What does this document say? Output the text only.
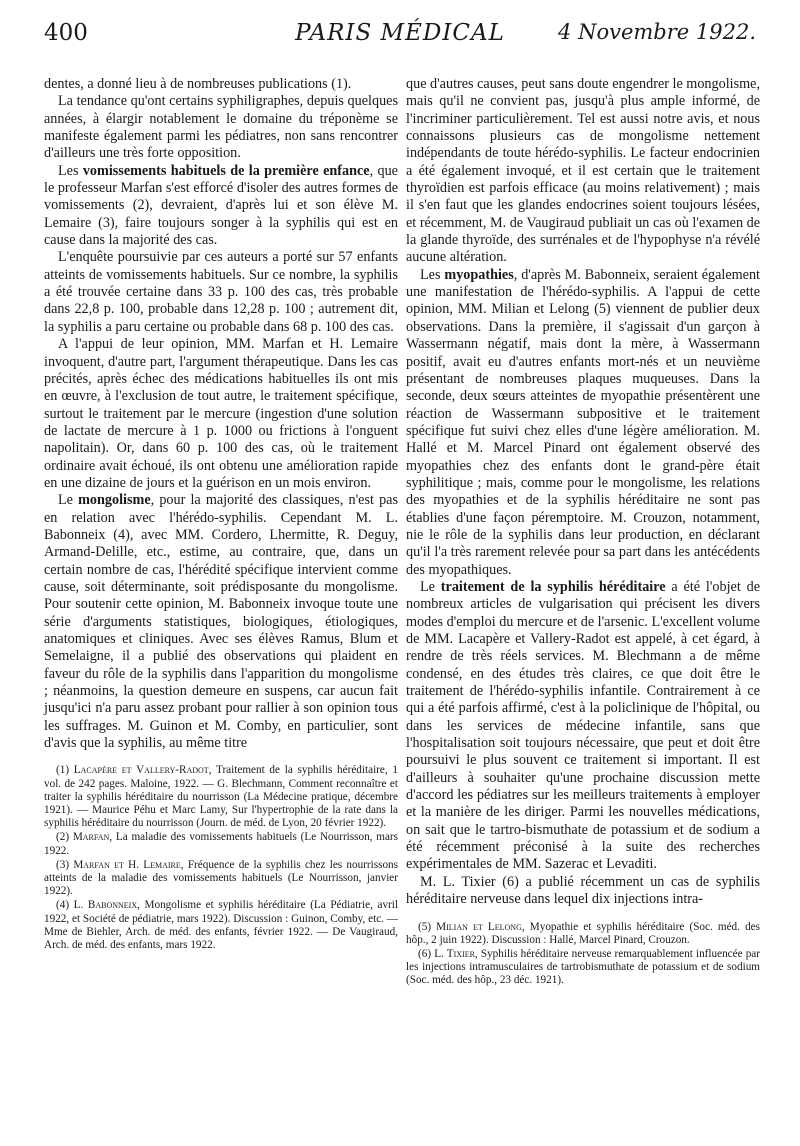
400	PARIS MÉDICAL	4 Novembre 1922.

dentes, a donné lieu à de nombreuses publications (1).

La tendance qu'ont certains syphiligraphes, depuis quelques années, à élargir notablement le domaine du tréponème se manifeste également parmi les pédiatres, non sans rencontrer d'ailleurs une très forte opposition.

Les vomissements habituels de la première enfance, que le professeur Marfan s'est efforcé d'isoler des autres formes de vomissements (2), devraient, d'après lui et son élève M. Lemaire (3), faire toujours songer à la syphilis qui est en cause dans la majorité des cas.

L'enquête poursuivie par ces auteurs a porté sur 57 enfants atteints de vomissements habituels. Sur ce nombre, la syphilis a été trouvée certaine dans 33 p. 100 des cas, très probable dans 22,8 p. 100, probable dans 12,28 p. 100 ; autrement dit, la syphilis a paru certaine ou probable dans 68 p. 100 des cas.

A l'appui de leur opinion, MM. Marfan et H. Lemaire invoquent, d'autre part, l'argument thérapeutique. Dans les cas précités, après échec des médications habituelles ils ont mis en œuvre, à l'exclusion de tout autre, le traitement spécifique, surtout le traitement par le mercure (ingestion d'une solution de lactate de mercure à 1 p. 1000 ou frictions à l'onguent napolitain). Or, dans 60 p. 100 des cas, où le traitement ordinaire avait échoué, ils ont obtenu une amélioration rapide en une dizaine de jours et la guérison en un mois environ.

Le mongolisme, pour la majorité des classiques, n'est pas en relation avec l'hérédo-syphilis. Cependant M. L. Babonneix (4), avec MM. Cordero, Lhermitte, R. Deguy, Armand-Delille, etc., estime, au contraire, que, dans un certain nombre de cas, l'hérédité spécifique intervient comme cause, soit déterminante, soit prédisposante du mongolisme. Pour soutenir cette opinion, M. Babonneix invoque toute une série d'arguments statistiques, biologiques, étiologiques, anatomiques et cliniques. Avec ses élèves Ramus, Blum et Semelaigne, il a publié des observations qui plaident en faveur du rôle de la syphilis dans l'apparition du mongolisme ; néanmoins, la question demeure en suspens, car aucun fait jusqu'ici n'a paru assez probant pour rallier à son opinion tous les suffrages. M. Guinon et M. Comby, en particulier, sont d'avis que la syphilis, au même titre

(1) Lacapère et Vallery-Radot, Traitement de la syphilis héréditaire, 1 vol. de 242 pages. Maloine, 1922. — G. Blechmann, Comment reconnaître et traiter la syphilis héréditaire du nourrisson (La Médecine pratique, décembre 1921). — Maurice Péhu et Marc Lamy, Sur l'hypertrophie de la rate dans la syphilis héréditaire du nourrisson (Journ. de méd. de Lyon, 20 février 1922).

(2) Marfan, La maladie des vomissements habituels (Le Nourrisson, mars 1922.

(3) Marfan et H. Lemaire, Fréquence de la syphilis chez les nourrissons atteints de la maladie des vomissements habituels (Le Nourrisson, janvier 1922).

(4) L. Babonneix, Mongolisme et syphilis héréditaire (La Pédiatrie, avril 1922, et Société de pédiatrie, mars 1922). Discussion : Guinon, Comby, etc. — Mme de Biehler, Arch. de méd. des enfants, février 1922. — De Vaugiraud, Arch. de méd. des enfants, mars 1922.

que d'autres causes, peut sans doute engendrer le mongolisme, mais qu'il ne convient pas, jusqu'à plus ample informé, de l'incriminer particulièrement. Tel est aussi notre avis, et nous connaissons plusieurs cas de mongolisme nettement indépendants de toute hérédo-syphilis. Le facteur endocrinien a été également invoqué, et il est certain que le traitement thyroïdien est parfois efficace (au moins relativement) ; mais il s'en faut que les glandes endocrines soient toujours lésées, et récemment, M. de Vaugiraud publiait un cas où l'examen de la glande thyroïde, des surrénales et de l'hypophyse n'a révélé aucune altération.

Les myopathies, d'après M. Babonneix, seraient également une manifestation de l'hérédo-syphilis. A l'appui de cette opinion, MM. Milian et Lelong (5) viennent de publier deux observations. Dans la première, il s'agissait d'un garçon à Wassermann négatif, mais dont la mère, à Wassermann positif, avait eu d'autres enfants mort-nés et un neuvième présentant de nombreuses plaques muqueuses. Dans la seconde, deux sœurs atteintes de myopathie présentèrent une réaction de Wassermann subpositive et le traitement spécifique fut suivi chez elles d'une légère amélioration. M. Hallé et M. Marcel Pinard ont également observé des myopathies chez des enfants dont le grand-père était syphilitique ; mais, comme pour le mongolisme, les relations des myopathies et de la syphilis héréditaire ne sont pas établies d'une façon péremptoire. M. Crouzon, notamment, nie le rôle de la syphilis dans leur production, en déclarant qu'il l'a très rarement relevée pour sa part dans les antécédents des myopathiques.

Le traitement de la syphilis héréditaire a été l'objet de nombreux articles de vulgarisation qui précisent les divers modes d'emploi du mercure et de l'arsenic. L'excellent volume de MM. Lacapère et Vallery-Radot est appelé, à cet égard, à rendre de très réels services. M. Blechmann a de même condensé, en des études très claires, ce que doit être le traitement de l'hérédo-syphilis infantile. Contrairement à ce qui a été parfois affirmé, c'est à la policlinique de l'hôpital, ou dans les services de médecine infantile, sans que l'hospitalisation soit toujours nécessaire, que peut et doit être poursuivi le plus souvent ce traitement si important. Il est d'ailleurs à souhaiter qu'une prochaine discussion mette d'accord les pédiatres sur les meilleurs traitements à employer et la manière de les diriger. Parmi les nouvelles médications, on sait que le tartro-bismuthate de potassium et de sodium a été récemment préconisé à la suite des recherches expérimentales de MM. Sazerac et Levaditi.

M. L. Tixier (6) a publié récemment un cas de syphilis héréditaire nerveuse dans lequel dix injections intra-

(5) Milian et Lelong, Myopathie et syphilis héréditaire (Soc. méd. des hôp., 2 juin 1922). Discussion : Hallé, Marcel Pinard, Crouzon.

(6) L. Tixier, Syphilis héréditaire nerveuse remarquablement influencée par les injections intramusculaires de tartrobismuthate de potassium et de sodium (Soc. méd. des hôp., 23 déc. 1921).
